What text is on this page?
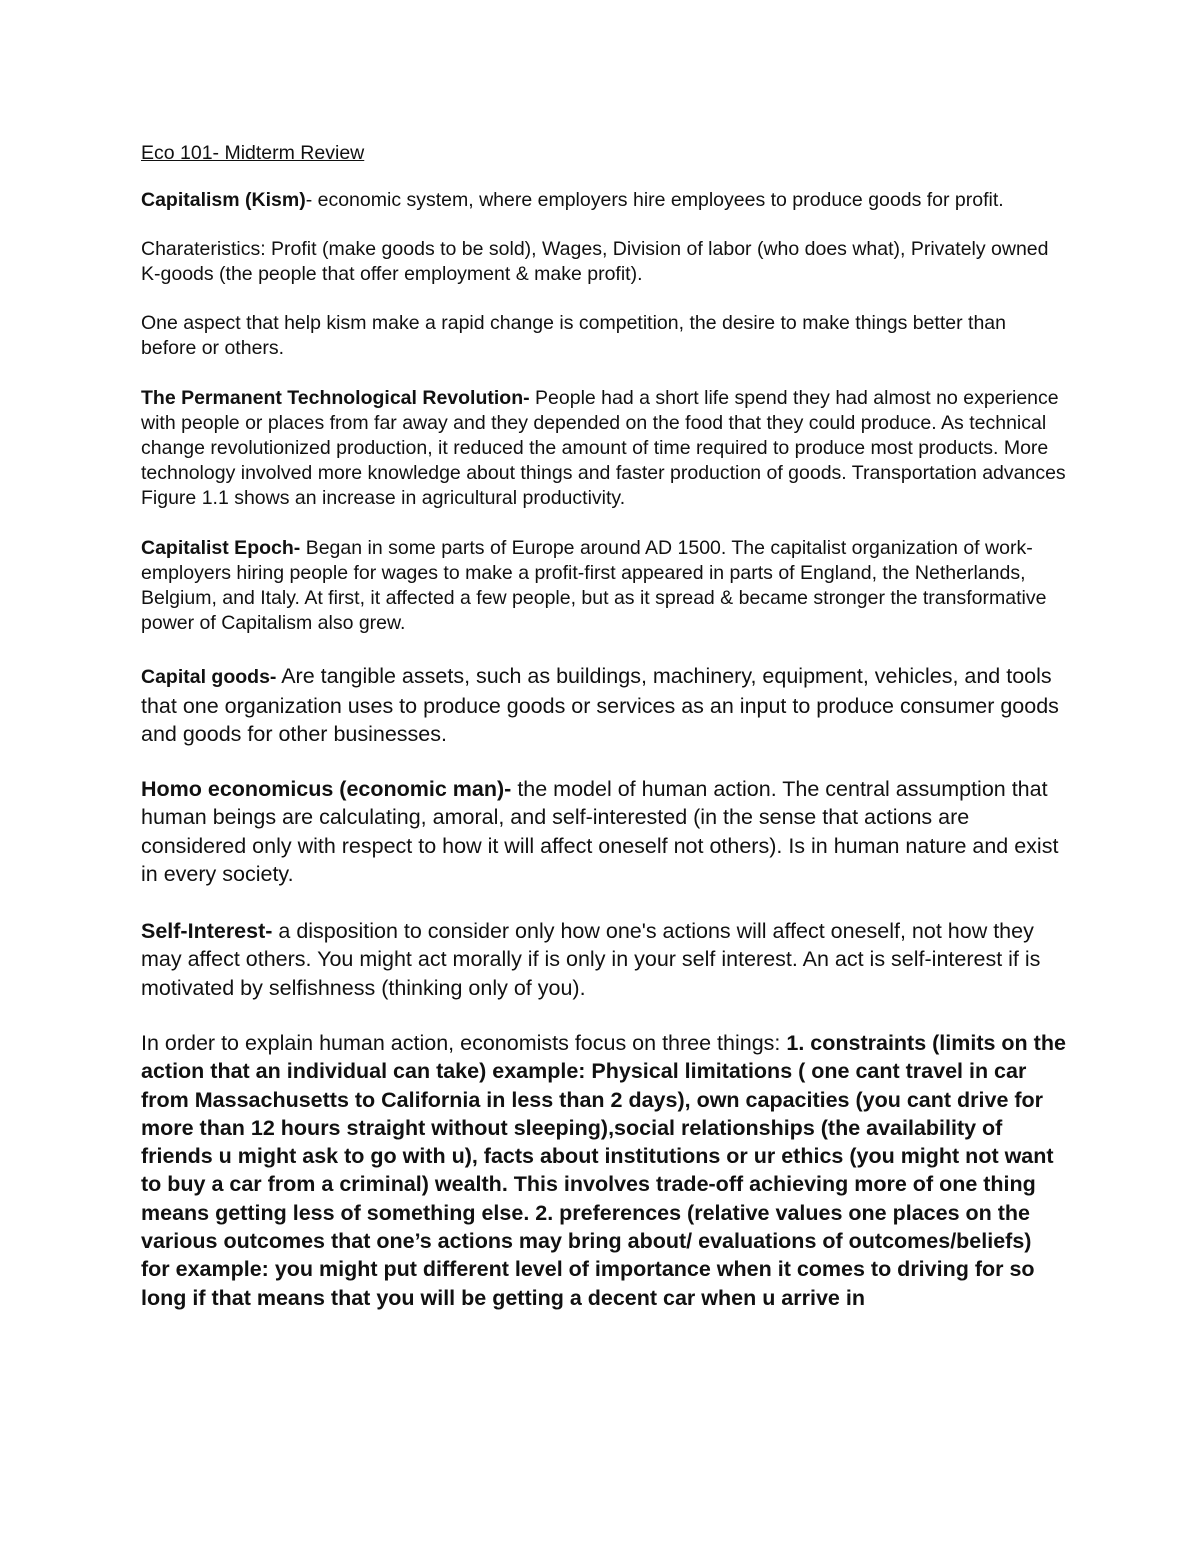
Eco 101- Midterm Review

Capitalism (Kism)- economic system, where employers hire employees to produce goods for profit.

Charateristics: Profit (make goods to be sold), Wages, Division of labor (who does what), Privately owned K-goods (the people that offer employment & make profit).

One aspect that help kism make a rapid change is competition, the desire to make things better than before or others.

The Permanent Technological Revolution- People had a short life spend they had almost no experience with people or places from far away and they depended on the food that they could produce. As technical change revolutionized production, it reduced the amount of time required to produce most products. More technology involved more knowledge about things and faster production of goods. Transportation advances Figure 1.1 shows an increase in agricultural productivity.

Capitalist Epoch- Began in some parts of Europe around AD 1500. The capitalist organization of work-employers hiring people for wages to make a profit-first appeared in parts of England, the Netherlands, Belgium, and Italy. At first, it affected a few people, but as it spread & became stronger the transformative power of Capitalism also grew.

Capital goods- Are tangible assets, such as buildings, machinery, equipment, vehicles, and tools that one organization uses to produce goods or services as an input to produce consumer goods and goods for other businesses.

Homo economicus (economic man)- the model of human action. The central assumption that human beings are calculating, amoral, and self-interested (in the sense that actions are considered only with respect to how it will affect oneself not others). Is in human nature and exist in every society.

Self-Interest- a disposition to consider only how one's actions will affect oneself, not how they may affect others. You might act morally if is only in your self interest. An act is self-interest if is motivated by selfishness (thinking only of you).

In order to explain human action, economists focus on three things: 1. constraints (limits on the action that an individual can take) example: Physical limitations ( one cant travel in car from Massachusetts to California in less than 2 days), own capacities (you cant drive for more than 12 hours straight without sleeping),social relationships (the availability of friends u might ask to go with u), facts about institutions or ur ethics (you might not want to buy a car from a criminal) wealth. This involves trade-off achieving more of one thing means getting less of something else. 2. preferences (relative values one places on the various outcomes that one’s actions may bring about/ evaluations of outcomes/beliefs) for example: you might put different level of importance when it comes to driving for so long if that means that you will be getting a decent car when u arrive in
